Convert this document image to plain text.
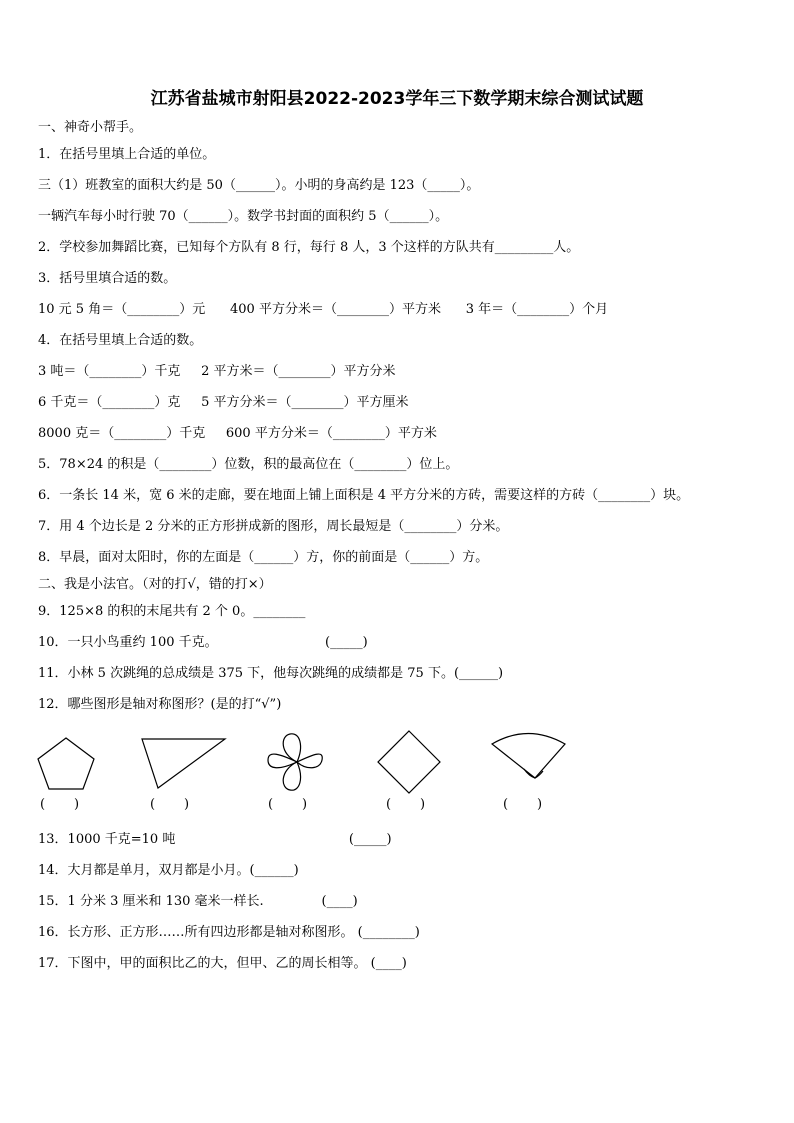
江苏省盐城市射阳县2022-2023学年三下数学期末综合测试试题
一、神奇小帮手。
1．在括号里填上合适的单位。
三（1）班教室的面积大约是 50（______）。小明的身高约是 123（_____）。
一辆汽车每小时行驶 70（______）。数学书封面的面积约 5（______）。
2．学校参加舞蹈比赛，已知每个方队有 8 行，每行 8 人，3 个这样的方队共有_________人。
3．括号里填合适的数。
10 元 5 角＝（________）元      400 平方分米＝（________）平方米      3 年＝（________）个月
4．在括号里填上合适的数。
3 吨＝（________）千克     2 平方米＝（________）平方分米
6 千克＝（________）克     5 平方分米＝（________）平方厘米
8000 克＝（________）千克     600 平方分米＝（________）平方米
5．78×24 的积是（________）位数，积的最高位在（________）位上。
6．一条长 14 米，宽 6 米的走廊，要在地面上铺上面积是 4 平方分米的方砖，需要这样的方砖（________）块。
7．用 4 个边长是 2 分米的正方形拼成新的图形，周长最短是（________）分米。
8．早晨，面对太阳时，你的左面是（______）方，你的前面是（______）方。
二、我是小法官。（对的打√，错的打×）
9．125×8 的积的末尾共有 2 个 0。________
10．一只小鸟重约 100 千克。                          (_____)
11．小林 5 次跳绳的总成绩是 375 下，他每次跳绳的成绩都是 75 下。(______)
12．哪些图形是轴对称图形？(是的打“√”)
(       )	(       )	(       )	(       )	(       )
13．1000 千克=10 吨                                          (_____)
14．大月都是单月，双月都是小月。(______)
15．1 分米 3 厘米和 130 毫米一样长.              (____)
16．长方形、正方形……所有四边形都是轴对称图形。 (________)
17．下图中，甲的面积比乙的大，但甲、乙的周长相等。 (____)
